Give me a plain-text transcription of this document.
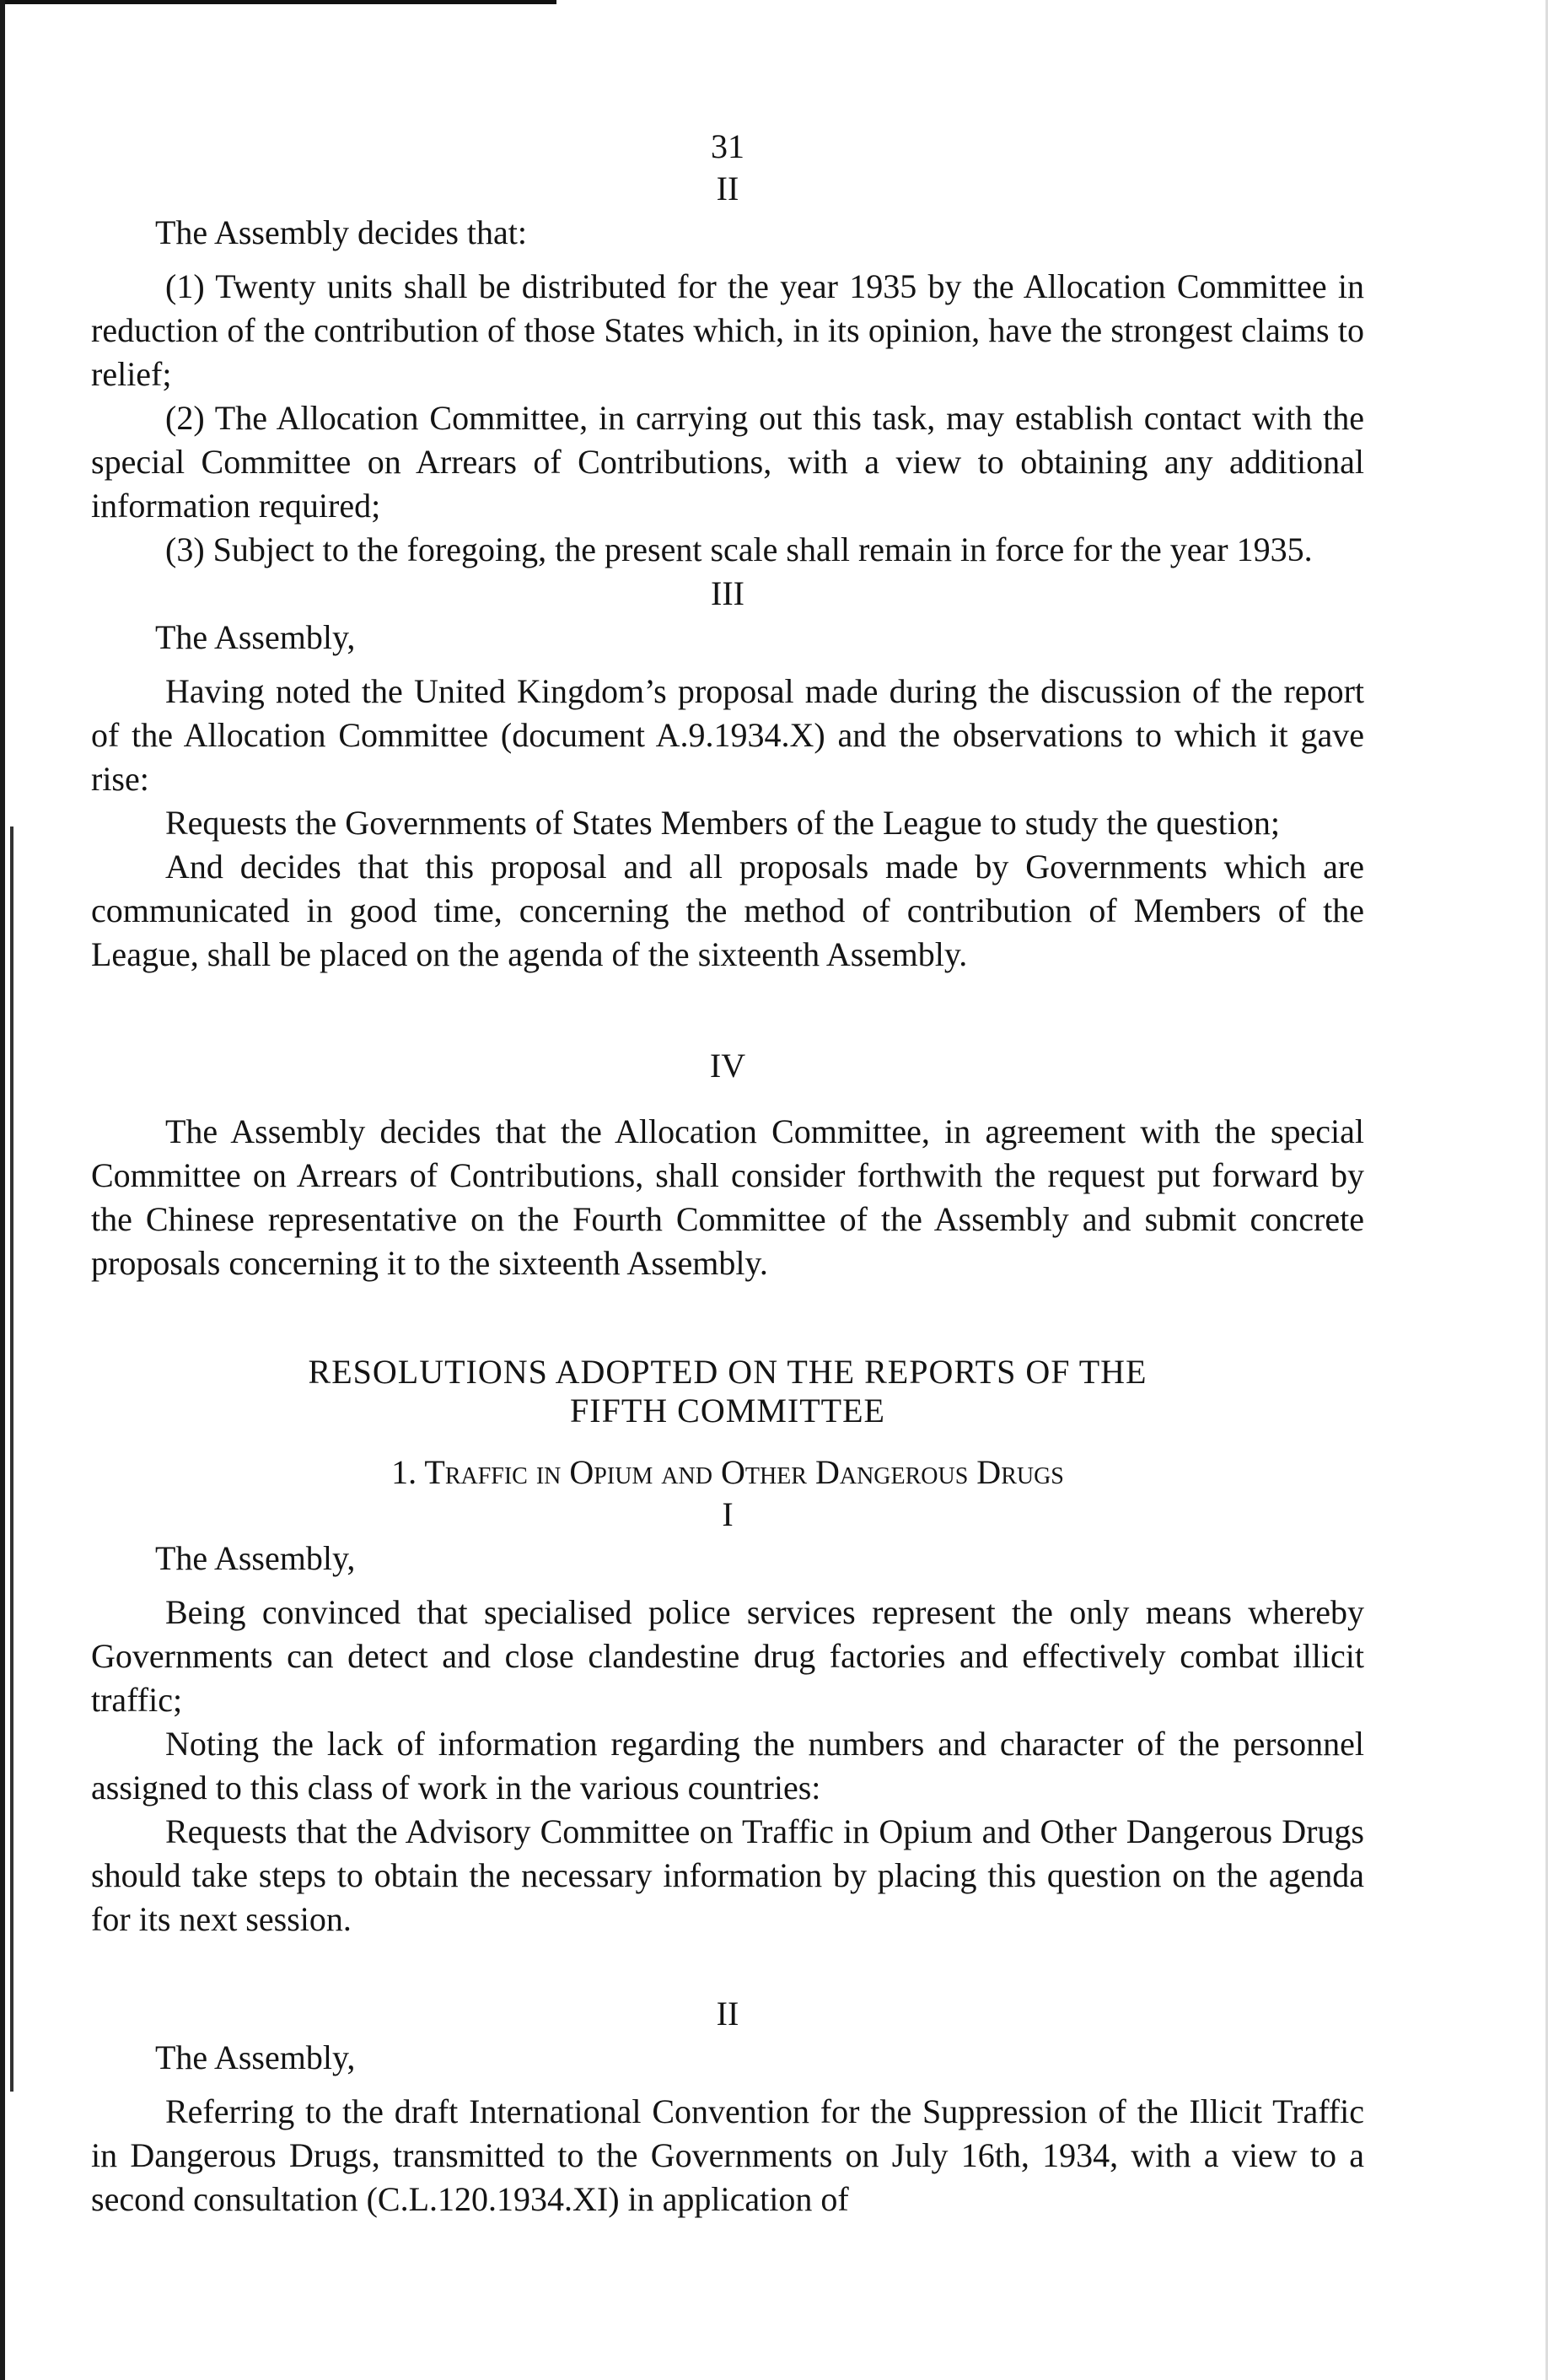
31
II

The Assembly decides that:

(1) Twenty units shall be distributed for the year 1935 by the Allocation Committee in reduction of the contribution of those States which, in its opinion, have the strongest claims to relief;

(2) The Allocation Committee, in carrying out this task, may establish contact with the special Committee on Arrears of Contributions, with a view to obtaining any additional information required;

(3) Subject to the foregoing, the present scale shall remain in force for the year 1935.

III

The Assembly,

Having noted the United Kingdom’s proposal made during the discussion of the report of the Allocation Committee (document A.9.1934.X) and the observations to which it gave rise:

Requests the Governments of States Members of the League to study the question;

And decides that this proposal and all proposals made by Governments which are communicated in good time, concerning the method of contribution of Members of the League, shall be placed on the agenda of the sixteenth Assembly.

IV

The Assembly decides that the Allocation Committee, in agreement with the special Committee on Arrears of Contributions, shall consider forthwith the request put forward by the Chinese representative on the Fourth Committee of the Assembly and submit concrete proposals concerning it to the sixteenth Assembly.

RESOLUTIONS ADOPTED ON THE REPORTS OF THE
FIFTH COMMITTEE
1. Traffic in Opium and Other Dangerous Drugs
I

The Assembly,

Being convinced that specialised police services represent the only means whereby Governments can detect and close clandestine drug factories and effectively combat illicit traffic;

Noting the lack of information regarding the numbers and character of the personnel assigned to this class of work in the various countries:

Requests that the Advisory Committee on Traffic in Opium and Other Dangerous Drugs should take steps to obtain the necessary information by placing this question on the agenda for its next session.

II

The Assembly,

Referring to the draft International Convention for the Suppression of the Illicit Traffic in Dangerous Drugs, transmitted to the Governments on July 16th, 1934, with a view to a second consultation (C.L.120.1934.XI) in application of
